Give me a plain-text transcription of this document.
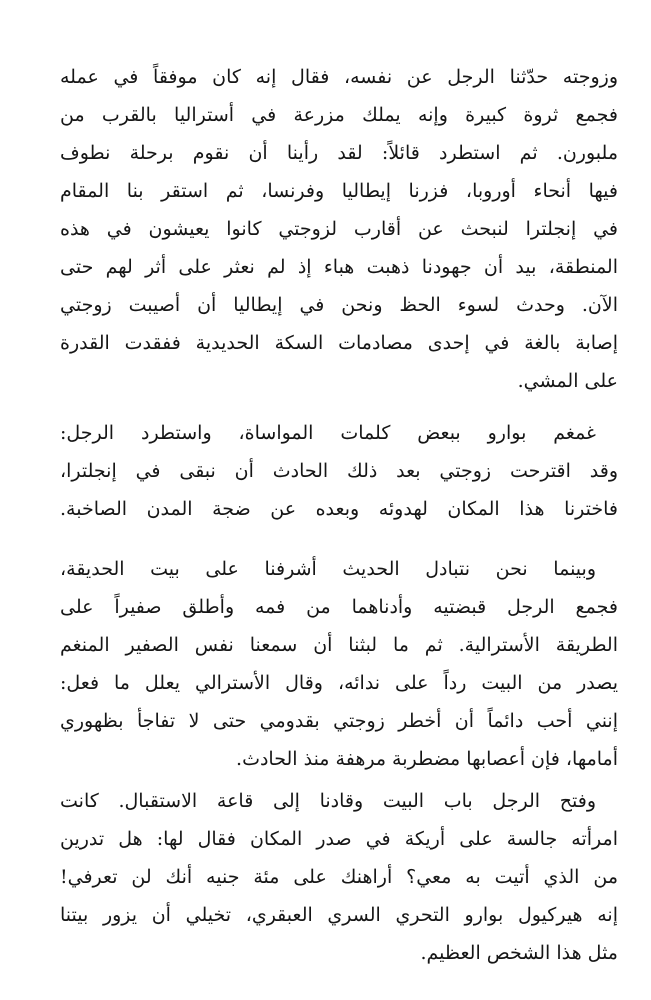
وزوجته حدّثنا الرجل عن نفسه، فقال إنه كان موفقاً في عمله
فجمع ثروة كبيرة وإنه يملك مزرعة في أستراليا بالقرب من
ملبورن. ثم استطرد قائلاً: لقد رأينا أن نقوم برحلة نطوف
فيها أنحاء أوروبا، فزرنا إيطاليا وفرنسا، ثم استقر بنا المقام
في إنجلترا لنبحث عن أقارب لزوجتي كانوا يعيشون في هذه
المنطقة، بيد أن جهودنا ذهبت هباء إذ لم نعثر على أثر لهم حتى
الآن. وحدث لسوء الحظ ونحن في إيطاليا أن أصيبت زوجتي
إصابة بالغة في إحدى مصادمات السكة الحديدية ففقدت القدرة
على المشي.
غمغم بوارو ببعض كلمات المواساة، واستطرد الرجل:
وقد اقترحت زوجتي بعد ذلك الحادث أن نبقى في إنجلترا،
فاخترنا هذا المكان لهدوئه وبعده عن ضجة المدن الصاخبة.
وبينما نحن نتبادل الحديث أشرفنا على بيت الحديقة،
فجمع الرجل قبضتيه وأدناهما من فمه وأطلق صفيراً على
الطريقة الأسترالية. ثم ما لبثنا أن سمعنا نفس الصفير المنغم
يصدر من البيت رداً على ندائه، وقال الأسترالي يعلل ما فعل:
إنني أحب دائماً أن أخطر زوجتي بقدومي حتى لا تفاجأ بظهوري
أمامها، فإن أعصابها مضطربة مرهفة منذ الحادث.
وفتح الرجل باب البيت وقادنا إلى قاعة الاستقبال. كانت
امرأته جالسة على أريكة في صدر المكان فقال لها: هل تدرين
من الذي أتيت به معي؟ أراهنك على مئة جنيه أنك لن تعرفي!
إنه هيركيول بوارو التحري السري العبقري، تخيلي أن يزور بيتنا
مثل هذا الشخص العظيم.
